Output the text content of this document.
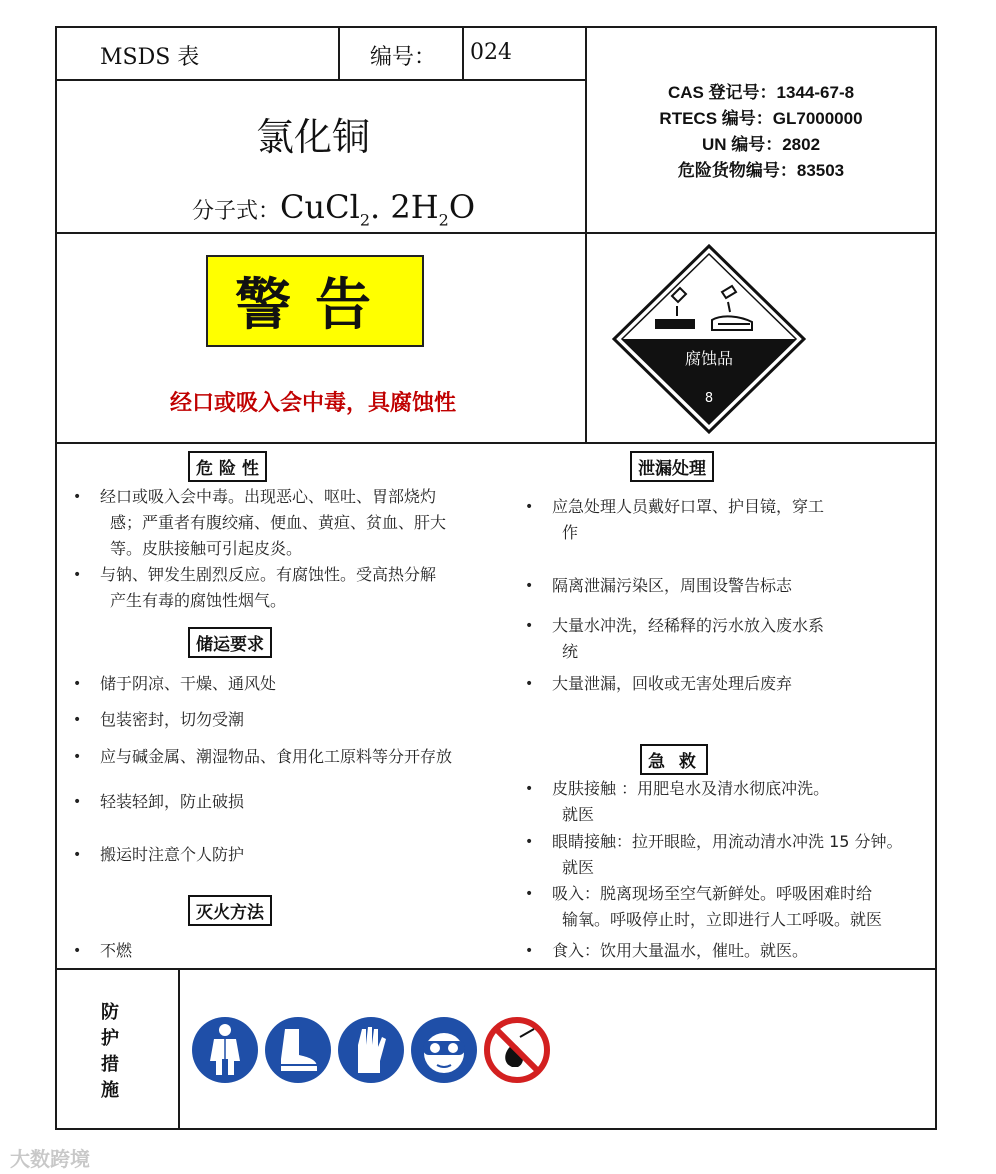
MSDS 表	编号： 024
氯化铜
分子式：CuCl$_2$. $2H_2O$
CAS 登记号：1344-67-8
RTECS 编号：GL7000000
UN 编号：2802
危险货物编号：83503
警告
经口或吸入会中毒，具腐蚀性
腐蚀品
8
危 险 性
• 经口或吸入会中毒。出现恶心、呕吐、胃部烧灼
感；严重者有腹绞痛、便血、黄疸、贫血、肝大
等。皮肤接触可引起皮炎。
• 与钠、钾发生剧烈反应。有腐蚀性。受高热分解
产生有毒的腐蚀性烟气。
储运要求
• 储于阴凉、干燥、通风处
• 包装密封，切勿受潮
• 应与碱金属、潮湿物品、食用化工原料等分开存放
• 轻装轻卸，防止破损
• 搬运时注意个人防护
灭火方法
• 不燃
泄漏处理
• 应急处理人员戴好口罩、护目镜，穿工
作
• 隔离泄漏污染区，周围设警告标志
• 大量水冲洗，经稀释的污水放入废水系
统
• 大量泄漏，回收或无害处理后废弃
急 救
• 皮肤接触 ：用肥皂水及清水彻底冲洗。
就医
• 眼睛接触：拉开眼睑，用流动清水冲洗 15 分钟。
就医
• 吸入：脱离现场至空气新鲜处。呼吸困难时给
输氧。呼吸停止时，立即进行人工呼吸。就医
• 食入：饮用大量温水，催吐。就医。
防
护
措
施
大数跨境
